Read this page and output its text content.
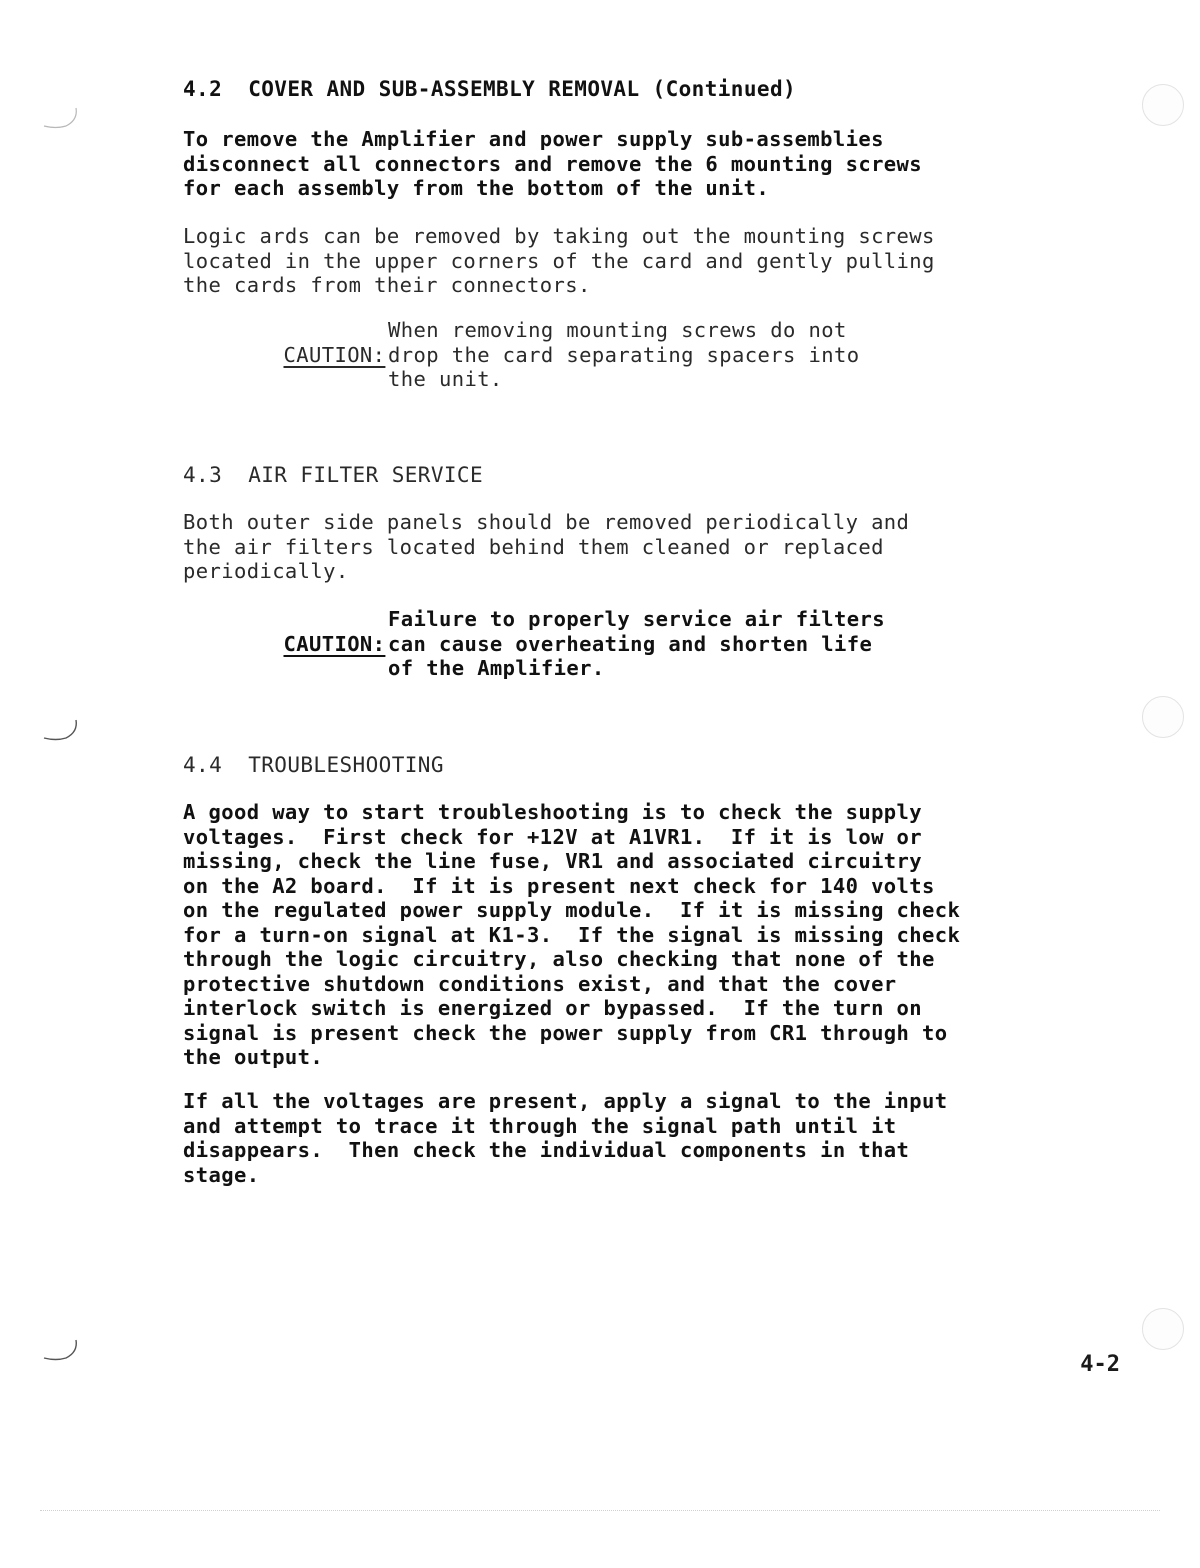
4.2  COVER AND SUB-ASSEMBLY REMOVAL (Continued)
To remove the Amplifier and power supply sub-assemblies
disconnect all connectors and remove the 6 mounting screws
for each assembly from the bottom of the unit.
Logic ards can be removed by taking out the mounting screws
located in the upper corners of the card and gently pulling
the cards from their connectors.

CAUTION:

When removing mounting screws do not
drop the card separating spacers into
the unit.

4.3  AIR FILTER SERVICE
Both outer side panels should be removed periodically and
the air filters located behind them cleaned or replaced
periodically.

CAUTION:

Failure to properly service air filters
can cause overheating and shorten life
of the Amplifier.

4.4  TROUBLESHOOTING
A good way to start troubleshooting is to check the supply
voltages.  First check for +12V at A1VR1.  If it is low or
missing, check the line fuse, VR1 and associated circuitry
on the A2 board.  If it is present next check for 140 volts
on the regulated power supply module.  If it is missing check
for a turn-on signal at K1-3.  If the signal is missing check
through the logic circuitry, also checking that none of the
protective shutdown conditions exist, and that the cover
interlock switch is energized or bypassed.  If the turn on
signal is present check the power supply from CR1 through to
the output.
If all the voltages are present, apply a signal to the input
and attempt to trace it through the signal path until it
disappears.  Then check the individual components in that
stage.
4-2
